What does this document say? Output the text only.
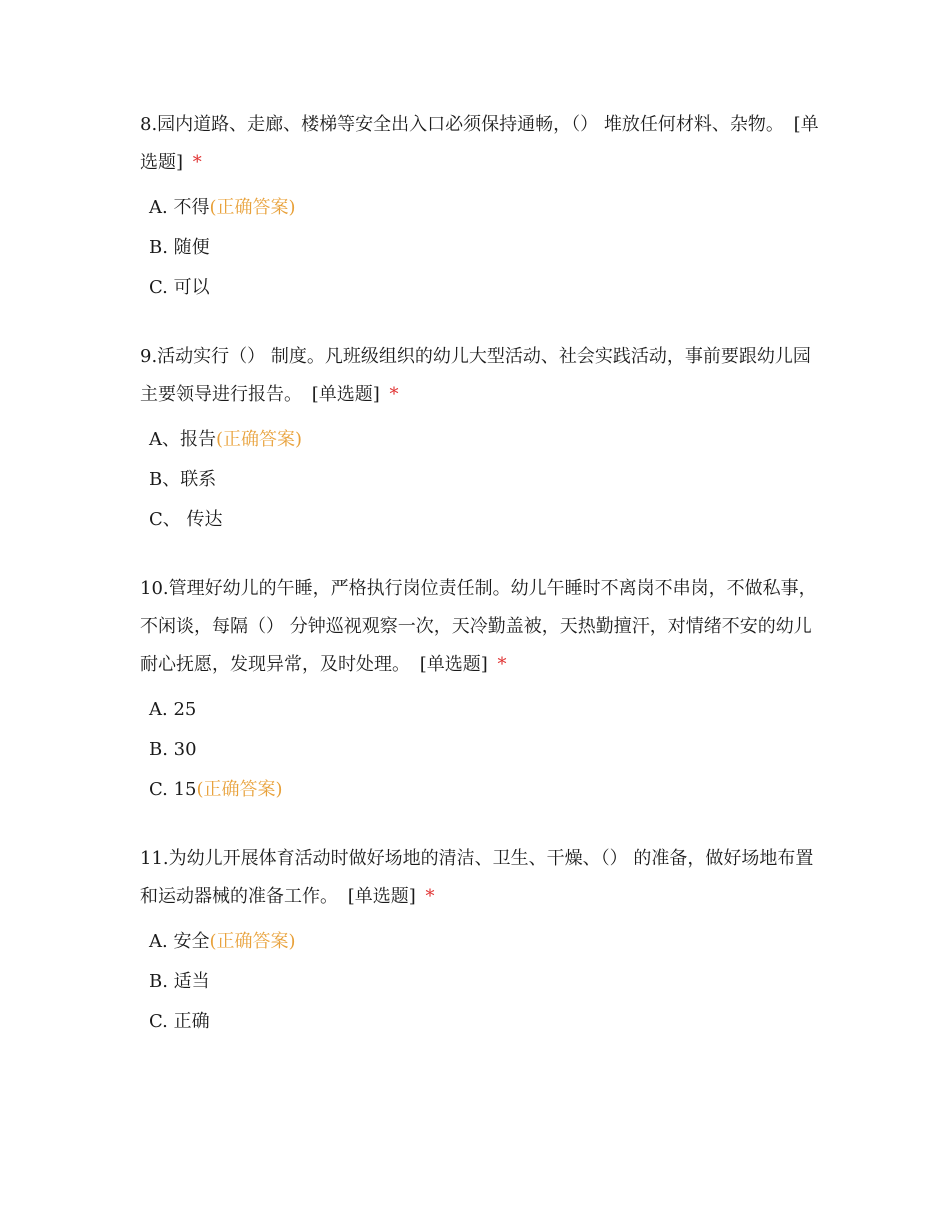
8.园内道路、走廊、楼梯等安全出入口必须保持通畅，（） 堆放任何材料、杂物。 [单选题] *

A. 不得(正确答案)
B. 随便
C. 可以

9.活动实行（） 制度。凡班级组织的幼儿大型活动、社会实践活动，事前要跟幼儿园主要领导进行报告。 [单选题] *

A、报告(正确答案)
B、联系
C、 传达

10.管理好幼儿的午睡，严格执行岗位责任制。幼儿午睡时不离岗不串岗，不做私事，不闲谈，每隔（） 分钟巡视观察一次，天冷勤盖被，天热勤擅汗，对情绪不安的幼儿耐心抚愿，发现异常，及时处理。 [单选题] *

A. 25
B. 30
C. 15(正确答案)

11.为幼儿开展体育活动时做好场地的清洁、卫生、干燥、（） 的准备，做好场地布置和运动器械的准备工作。 [单选题] *

A. 安全(正确答案)
B. 适当
C. 正确
